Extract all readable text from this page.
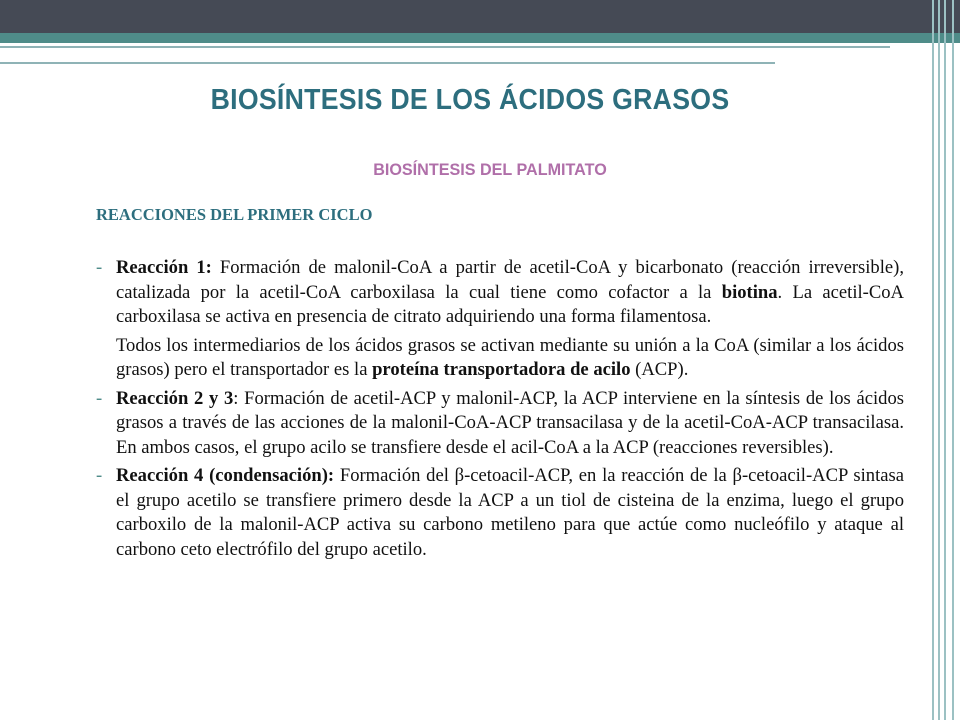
BIOSÍNTESIS DE LOS ÁCIDOS GRASOS
BIOSÍNTESIS DEL PALMITATO
REACCIONES DEL PRIMER CICLO
- Reacción 1: Formación de malonil-CoA a partir de acetil-CoA y bicarbonato (reacción irreversible), catalizada por la acetil-CoA carboxilasa la cual tiene como cofactor a la biotina. La acetil-CoA carboxilasa se activa en presencia de citrato adquiriendo una forma filamentosa.
Todos los intermediarios de los ácidos grasos se activan mediante su unión a la CoA (similar a los ácidos grasos) pero el transportador es la proteína transportadora de acilo (ACP).
- Reacción 2 y 3: Formación de acetil-ACP y malonil-ACP, la ACP interviene en la síntesis de los ácidos grasos a través de las acciones de la malonil-CoA-ACP transacilasa y de la acetil-CoA-ACP transacilasa. En ambos casos, el grupo acilo se transfiere desde el acil-CoA a la ACP (reacciones reversibles).
- Reacción 4 (condensación): Formación del β-cetoacil-ACP, en la reacción de la β-cetoacil-ACP sintasa el grupo acetilo se transfiere primero desde la ACP a un tiol de cisteina de la enzima, luego el grupo carboxilo de la malonil-ACP activa su carbono metileno para que actúe como nucleófilo y ataque al carbono ceto electrófilo del grupo acetilo.
